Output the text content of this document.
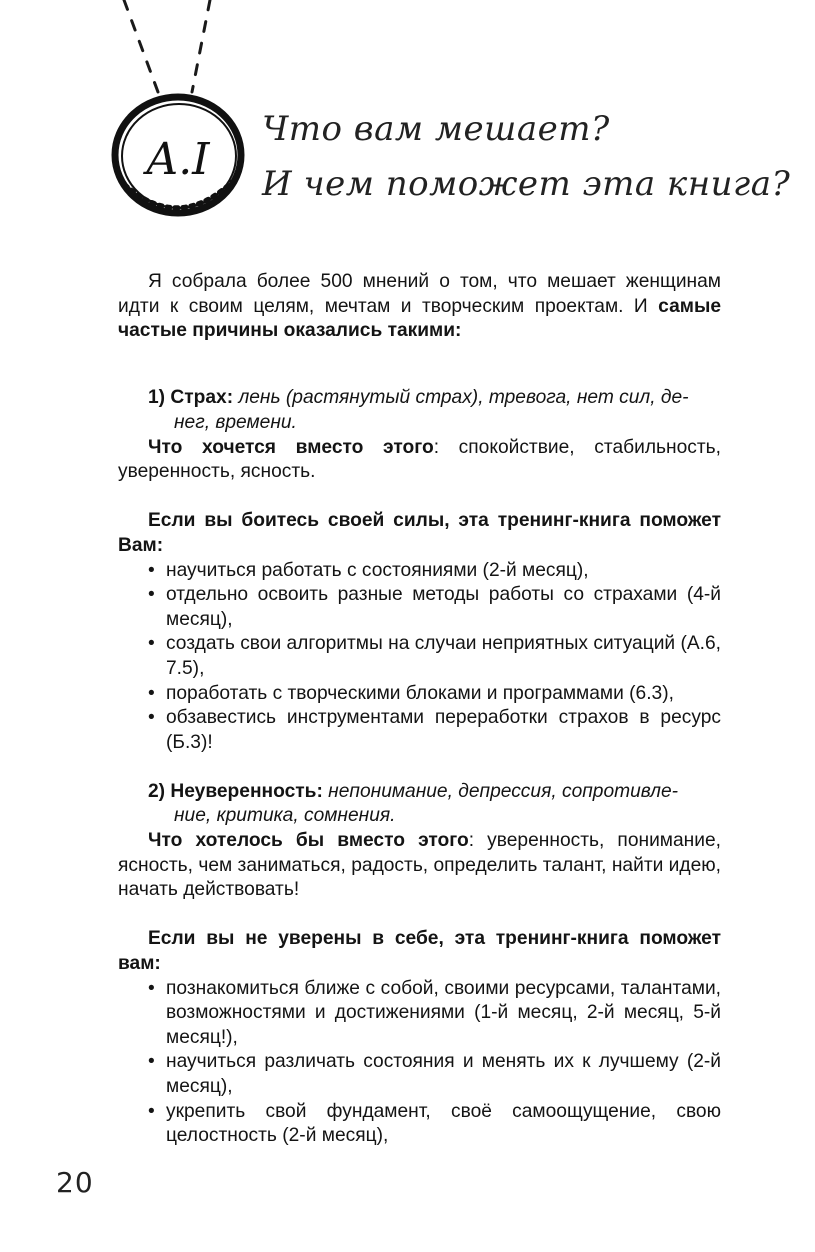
A.I
Что вам мешает?
И чем поможет эта книга?

Я собрала более 500 мнений о том, что мешает женщинам идти к своим целям, мечтам и творческим проектам. И самые частые причины оказались такими:

1) Страх: лень (растянутый страх), тревога, нет сил, де-
нег, времени.

Что хочется вместо этого: спокойствие, стабильность, уверенность, ясность.

Если вы боитесь своей силы, эта тренинг-книга поможет Вам:

• научиться работать с состояниями (2-й месяц),
• отдельно освоить разные методы работы со страхами (4-й месяц),
• создать свои алгоритмы на случаи неприятных ситуаций (А.6, 7.5),
• поработать с творческими блоками и программами (6.3),
• обзавестись инструментами переработки страхов в ресурс (Б.3)!
2) Неуверенность: непонимание, депрессия, сопротивле-
ние, критика, сомнения.

Что хотелось бы вместо этого: уверенность, понимание, ясность, чем заниматься, радость, определить талант, найти идею, начать действовать!

Если вы не уверены в себе, эта тренинг-книга поможет вам:

• познакомиться ближе с собой, своими ресурсами, талантами, возможностями и достижениями (1-й месяц, 2-й месяц, 5-й месяц!),
• научиться различать состояния и менять их к лучшему (2-й месяц),
• укрепить свой фундамент, своё самоощущение, свою целостность (2-й месяц),
20
